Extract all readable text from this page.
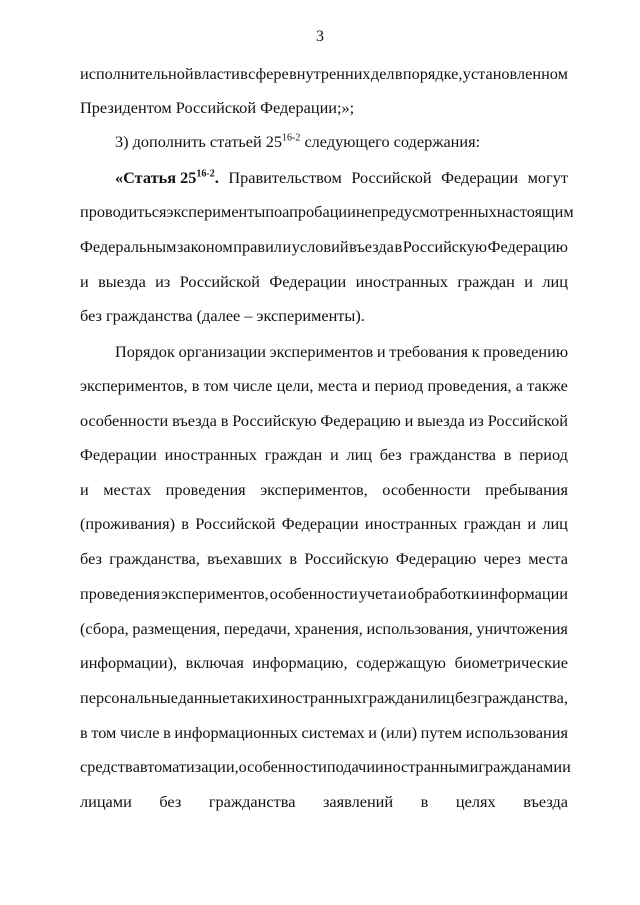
3
исполнительной власти в сфере внутренних дел в порядке, установленном
Президентом Российской Федерации;»;
3) дополнить статьей 25$^{16-2}$ следующего содержания:
«Статья 25$^{16-2}$. Правительством Российской Федерации могут
проводиться эксперименты по апробации не предусмотренных настоящим
Федеральным законом правил и условий въезда в Российскую Федерацию
и выезда из Российской Федерации иностранных граждан и лиц
без гражданства (далее – эксперименты).
Порядок организации экспериментов и требования к проведению
экспериментов, в том числе цели, места и период проведения, а также
особенности въезда в Российскую Федерацию и выезда из Российской
Федерации иностранных граждан и лиц без гражданства в период
и местах проведения экспериментов, особенности пребывания
(проживания) в Российской Федерации иностранных граждан и лиц
без гражданства, въехавших в Российскую Федерацию через места
проведения экспериментов, особенности учета и обработки информации
(сбора, размещения, передачи, хранения, использования, уничтожения
информации), включая информацию, содержащую биометрические
персональные данные таких иностранных граждан и лиц без гражданства,
в том числе в информационных системах и (или) путем использования
средств автоматизации, особенности подачи иностранными гражданами и
лицами без гражданства заявлений в целях въезда
